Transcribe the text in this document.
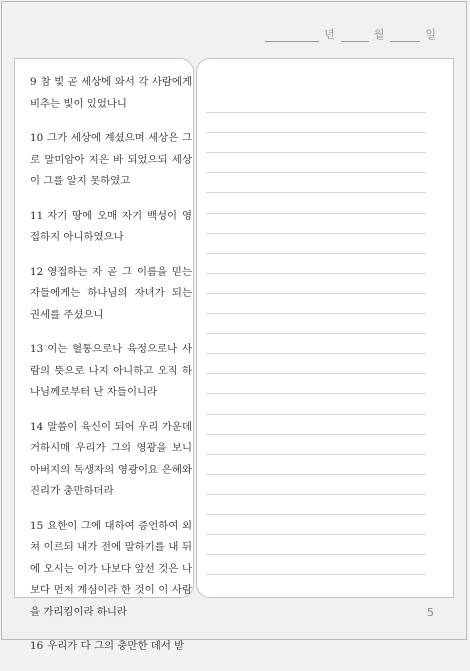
년	월	일

9 참 빛 곧 세상에 와서 각 사람에게 비추는 빛이 있었나니

10 그가 세상에 계셨으며 세상은 그로 말미암아 지은 바 되었으되 세상이 그를 알지 못하였고

11 자기 땅에 오매 자기 백성이 영접하지 아니하였으나

12 영접하는 자 곧 그 이름을 믿는 자들에게는 하나님의 자녀가 되는 권세를 주셨으니

13 이는 혈통으로나 육정으로나 사람의 뜻으로 나지 아니하고 오직 하나님께로부터 난 자들이니라

14 말씀이 육신이 되어 우리 가운데 거하시매 우리가 그의 영광을 보니 아버지의 독생자의 영광이요 은혜와 진리가 충만하더라

15 요한이 그에 대하여 증언하여 외쳐 이르되 내가 전에 말하기를 내 뒤에 오시는 이가 나보다 앞선 것은 나보다 먼저 계심이라 한 것이 이 사람을 가리킴이라 하니라

16 우리가 다 그의 충만한 데서 받

5
